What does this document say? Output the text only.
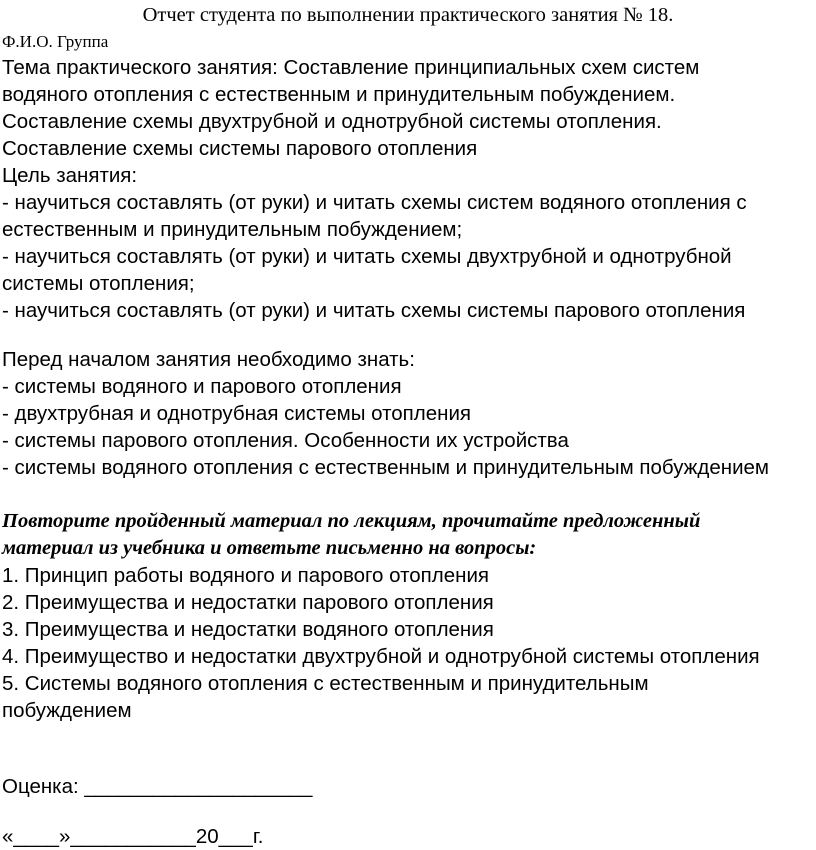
Отчет студента по выполнении практического занятия № 18.
Ф.И.О. Группа
Тема практического занятия: Составление принципиальных схем систем
водяного отопления с естественным и принудительным побуждением.
Составление схемы двухтрубной и однотрубной системы отопления.
Составление схемы системы парового отопления
Цель занятия:
- научиться составлять (от руки) и читать схемы систем водяного отопления с
естественным и принудительным побуждением;
- научиться составлять (от руки) и читать схемы двухтрубной и однотрубной
системы отопления;
- научиться составлять (от руки) и читать схемы системы парового отопления
Перед началом занятия необходимо знать:
- системы водяного и парового отопления
- двухтрубная и однотрубная системы отопления
- системы парового отопления. Особенности их устройства
- системы водяного отопления с естественным и принудительным побуждением
Повторите пройденный материал по лекциям, прочитайте предложенный
материал из учебника и ответьте письменно на вопросы:
1. Принцип работы водяного и парового отопления
2. Преимущества и недостатки парового отопления
3. Преимущества и недостатки водяного отопления
4. Преимущество и недостатки двухтрубной и однотрубной системы отопления
5. Системы водяного отопления с естественным и принудительным
побуждением
Оценка: ____________________
«____»___________20___г.
